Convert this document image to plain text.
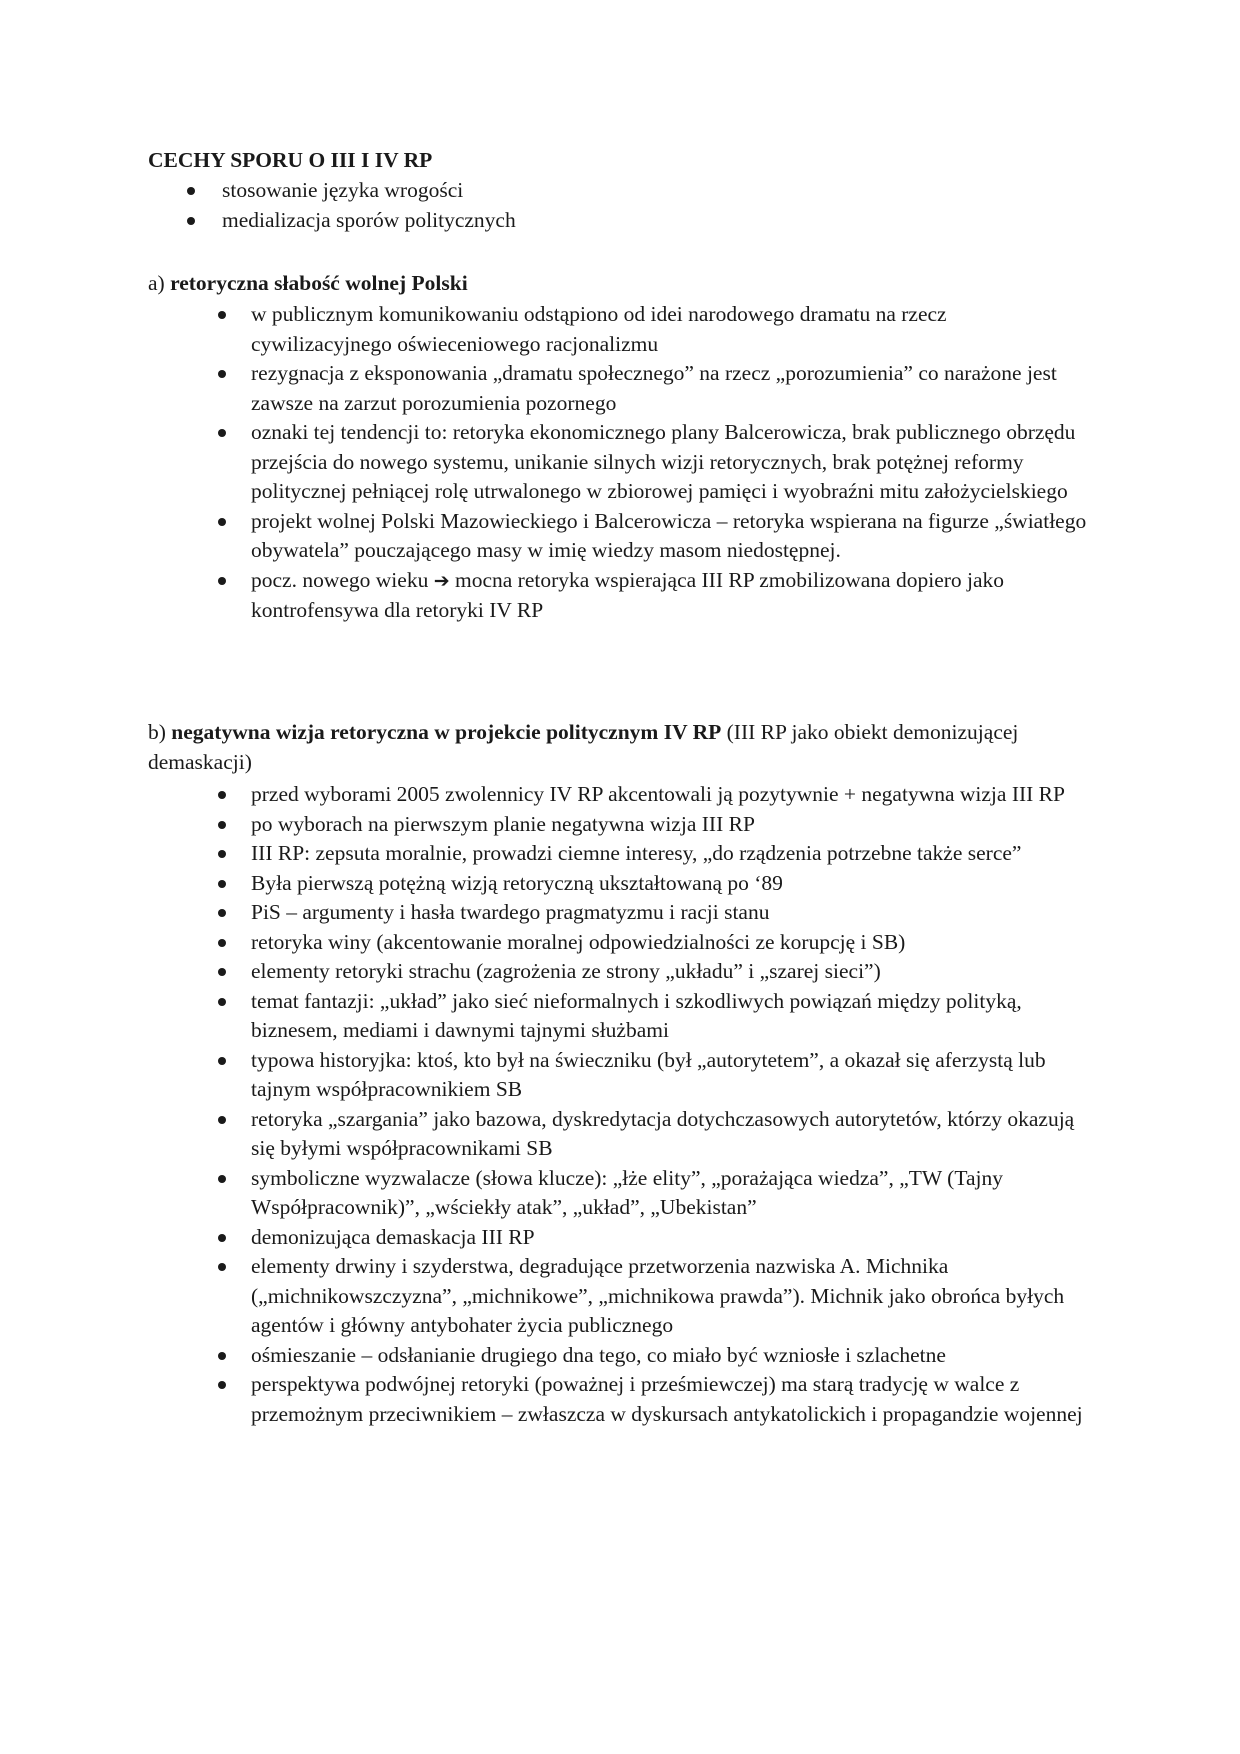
CECHY SPORU O III I IV RP
stosowanie języka wrogości
medializacja sporów politycznych

a) retoryczna słabość wolnej Polski

w publicznym komunikowaniu odstąpiono od idei narodowego dramatu na rzecz cywilizacyjnego oświeceniowego racjonalizmu
rezygnacja z eksponowania „dramatu społecznego” na rzecz „porozumienia” co narażone jest zawsze na zarzut porozumienia pozornego
oznaki tej tendencji to: retoryka ekonomicznego plany Balcerowicza, brak publicznego obrzędu przejścia do nowego systemu, unikanie silnych wizji retorycznych, brak potężnej reformy politycznej pełniącej rolę utrwalonego w zbiorowej pamięci i wyobraźni mitu założycielskiego
projekt wolnej Polski Mazowieckiego i Balcerowicza – retoryka wspierana na figurze „światłego obywatela” pouczającego masy w imię wiedzy masom niedostępnej.
pocz. nowego wieku ➔ mocna retoryka wspierająca III RP zmobilizowana dopiero jako kontrofensywa dla retoryki IV RP

b) negatywna wizja retoryczna w projekcie politycznym IV RP (III RP jako obiekt demonizującej demaskacji)

przed wyborami 2005 zwolennicy IV RP akcentowali ją pozytywnie + negatywna wizja III RP
po wyborach na pierwszym planie negatywna wizja III RP
III RP: zepsuta moralnie, prowadzi ciemne interesy, „do rządzenia potrzebne także serce”
Była pierwszą potężną wizją retoryczną ukształtowaną po ‘89
PiS – argumenty i hasła twardego pragmatyzmu i racji stanu
retoryka winy (akcentowanie moralnej odpowiedzialności ze korupcję i SB)
elementy retoryki strachu (zagrożenia ze strony „układu” i „szarej sieci”)
temat fantazji: „układ” jako sieć nieformalnych i szkodliwych powiązań między polityką, biznesem, mediami i dawnymi tajnymi służbami
typowa historyjka: ktoś, kto był na świeczniku (był „autorytetem”, a okazał się aferzystą lub tajnym współpracownikiem SB
retoryka „szargania” jako bazowa, dyskredytacja dotychczasowych autorytetów, którzy okazują się byłymi współpracownikami SB
symboliczne wyzwalacze (słowa klucze): „łże elity”, „porażająca wiedza”, „TW (Tajny Współpracownik)”, „wściekły atak”, „układ”, „Ubekistan”
demonizująca demaskacja III RP
elementy drwiny i szyderstwa, degradujące przetworzenia nazwiska A. Michnika („michnikowszczyzna”, „michnikowe”, „michnikowa prawda”). Michnik jako obrońca byłych agentów i główny antybohater życia publicznego
ośmieszanie – odsłanianie drugiego dna tego, co miało być wzniosłe i szlachetne
perspektywa podwójnej retoryki (poważnej i prześmiewczej) ma starą tradycję w walce z przemożnym przeciwnikiem – zwłaszcza w dyskursach antykatolickich i propagandzie wojennej
